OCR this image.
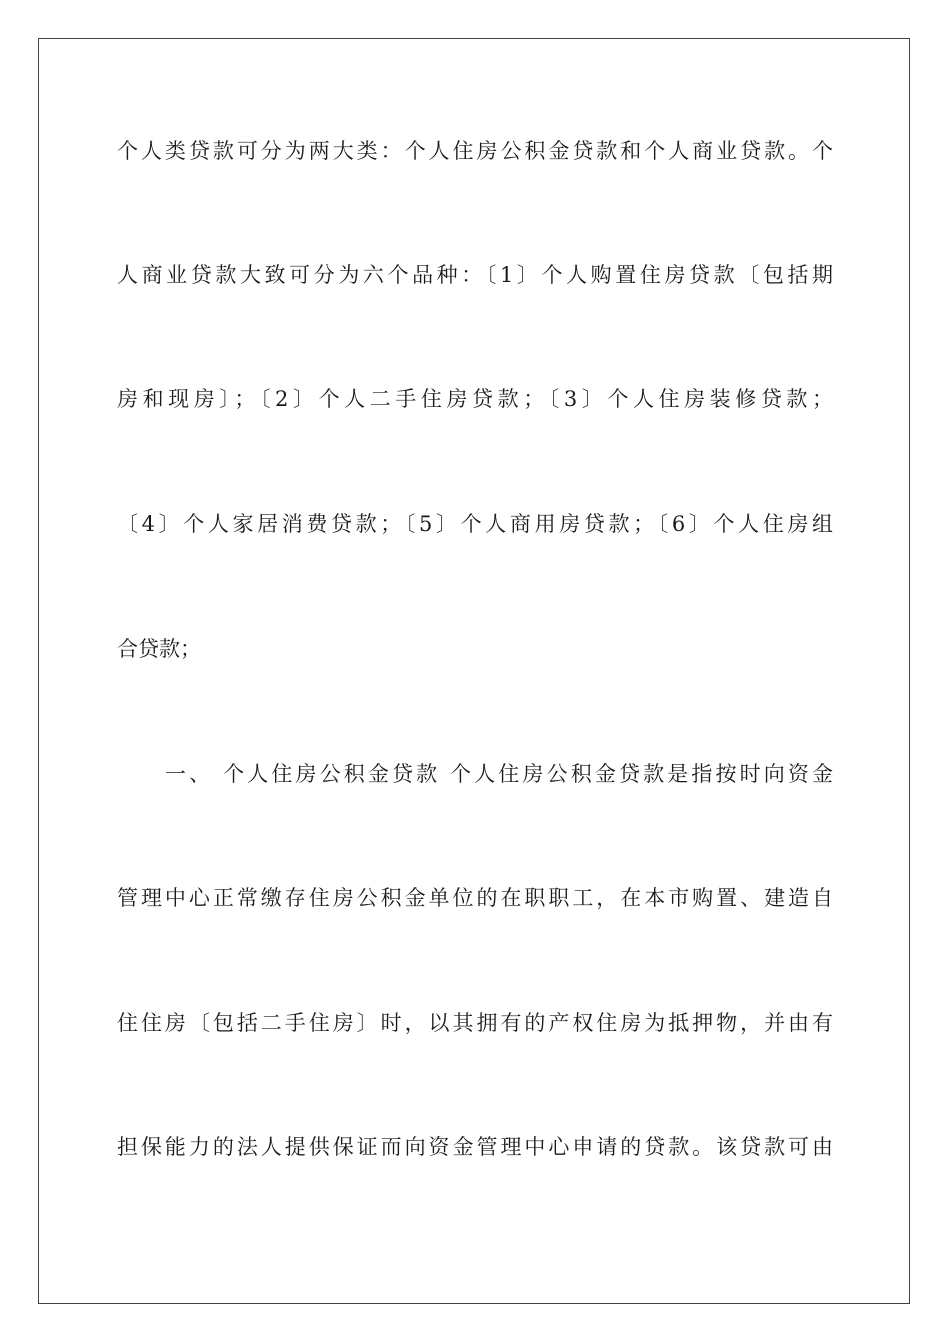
个人类贷款可分为两大类：个人住房公积金贷款和个人商业贷款。个
人商业贷款大致可分为六个品种：〔1〕个人购置住房贷款〔包括期
房和现房〕；〔2〕个人二手住房贷款；〔3〕个人住房装修贷款；
〔4〕个人家居消费贷款；〔5〕个人商用房贷款；〔6〕个人住房组
合贷款；
一、 个人住房公积金贷款 个人住房公积金贷款是指按时向资金
管理中心正常缴存住房公积金单位的在职职工，在本市购置、建造自
住住房〔包括二手住房〕时，以其拥有的产权住房为抵押物，并由有
担保能力的法人提供保证而向资金管理中心申请的贷款。该贷款可由
